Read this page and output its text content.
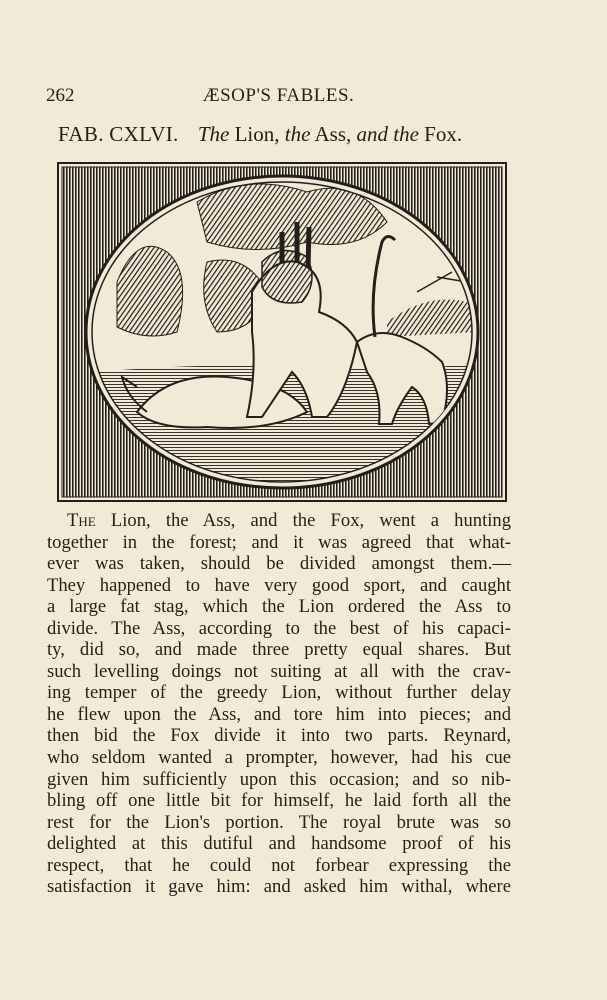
262	ÆSOP'S FABLES.
FAB. CXLVI. The Lion, the Ass, and the Fox.
The Lion, the Ass, and the Fox, went a hunting
together in the forest; and it was agreed that what-
ever was taken, should be divided amongst them.—
They happened to have very good sport, and caught
a large fat stag, which the Lion ordered the Ass to
divide. The Ass, according to the best of his capaci-
ty, did so, and made three pretty equal shares. But
such levelling doings not suiting at all with the crav-
ing temper of the greedy Lion, without further delay
he flew upon the Ass, and tore him into pieces; and
then bid the Fox divide it into two parts. Reynard,
who seldom wanted a prompter, however, had his cue
given him sufficiently upon this occasion; and so nib-
bling off one little bit for himself, he laid forth all the
rest for the Lion's portion. The royal brute was so
delighted at this dutiful and handsome proof of his
respect, that he could not forbear expressing the
satisfaction it gave him: and asked him withal, where
